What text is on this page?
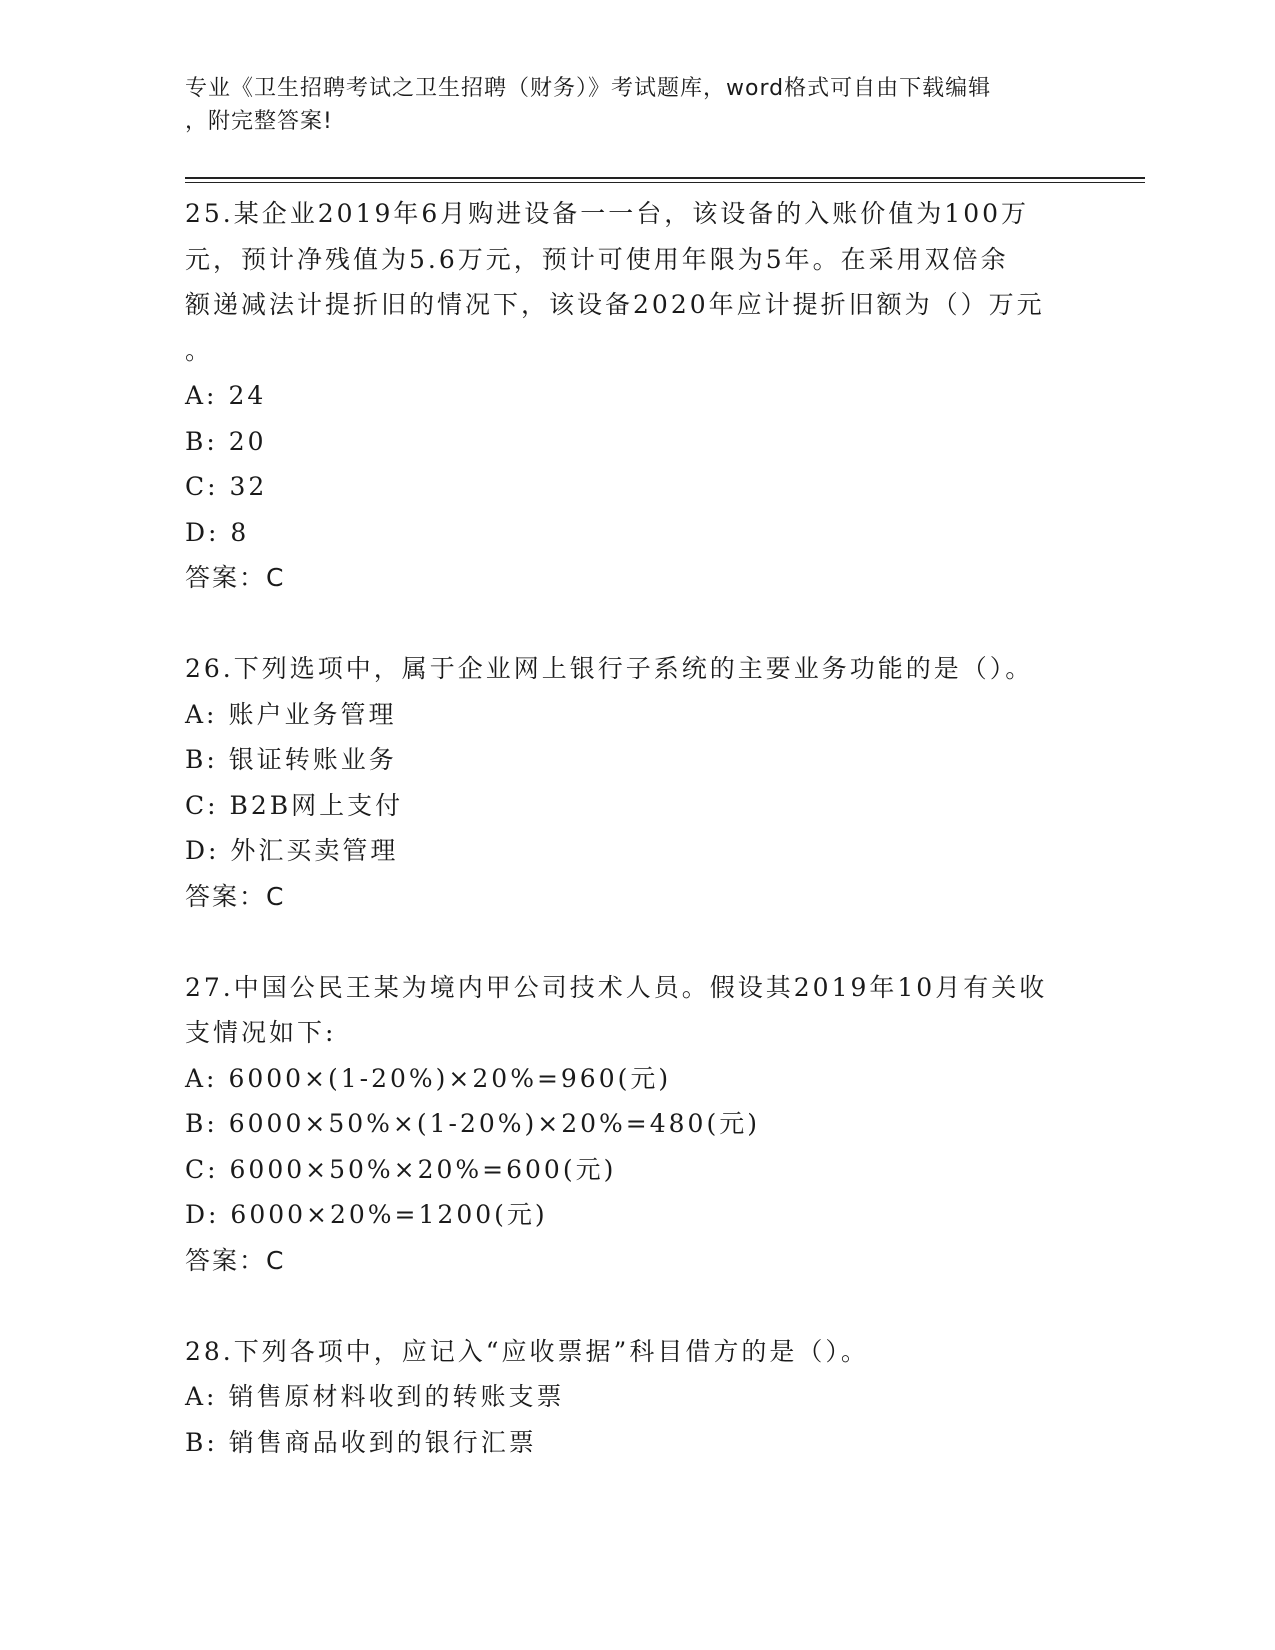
专业《卫生招聘考试之卫生招聘（财务）》考试题库，word格式可自由下载编辑
，附完整答案!
25.某企业2019年6月购进设备一一台，该设备的入账价值为100万
元，预计净残值为5.6万元，预计可使用年限为5年。在采用双倍余
额递减法计提折旧的情况下，该设备2020年应计提折旧额为（）万元
。
A: 24
B: 20
C: 32
D: 8
答案：C
26.下列选项中，属于企业网上银行子系统的主要业务功能的是（）。
A: 账户业务管理
B: 银证转账业务
C: B2B网上支付
D: 外汇买卖管理
答案：C
27.中国公民王某为境内甲公司技术人员。假设其2019年10月有关收
支情况如下:
A: 6000×(1-20%)×20%=960(元)
B: 6000×50%×(1-20%)×20%=480(元)
C: 6000×50%×20%=600(元)
D: 6000×20%=1200(元)
答案：C
28.下列各项中，应记入“应收票据”科目借方的是（）。
A: 销售原材料收到的转账支票
B: 销售商品收到的银行汇票
